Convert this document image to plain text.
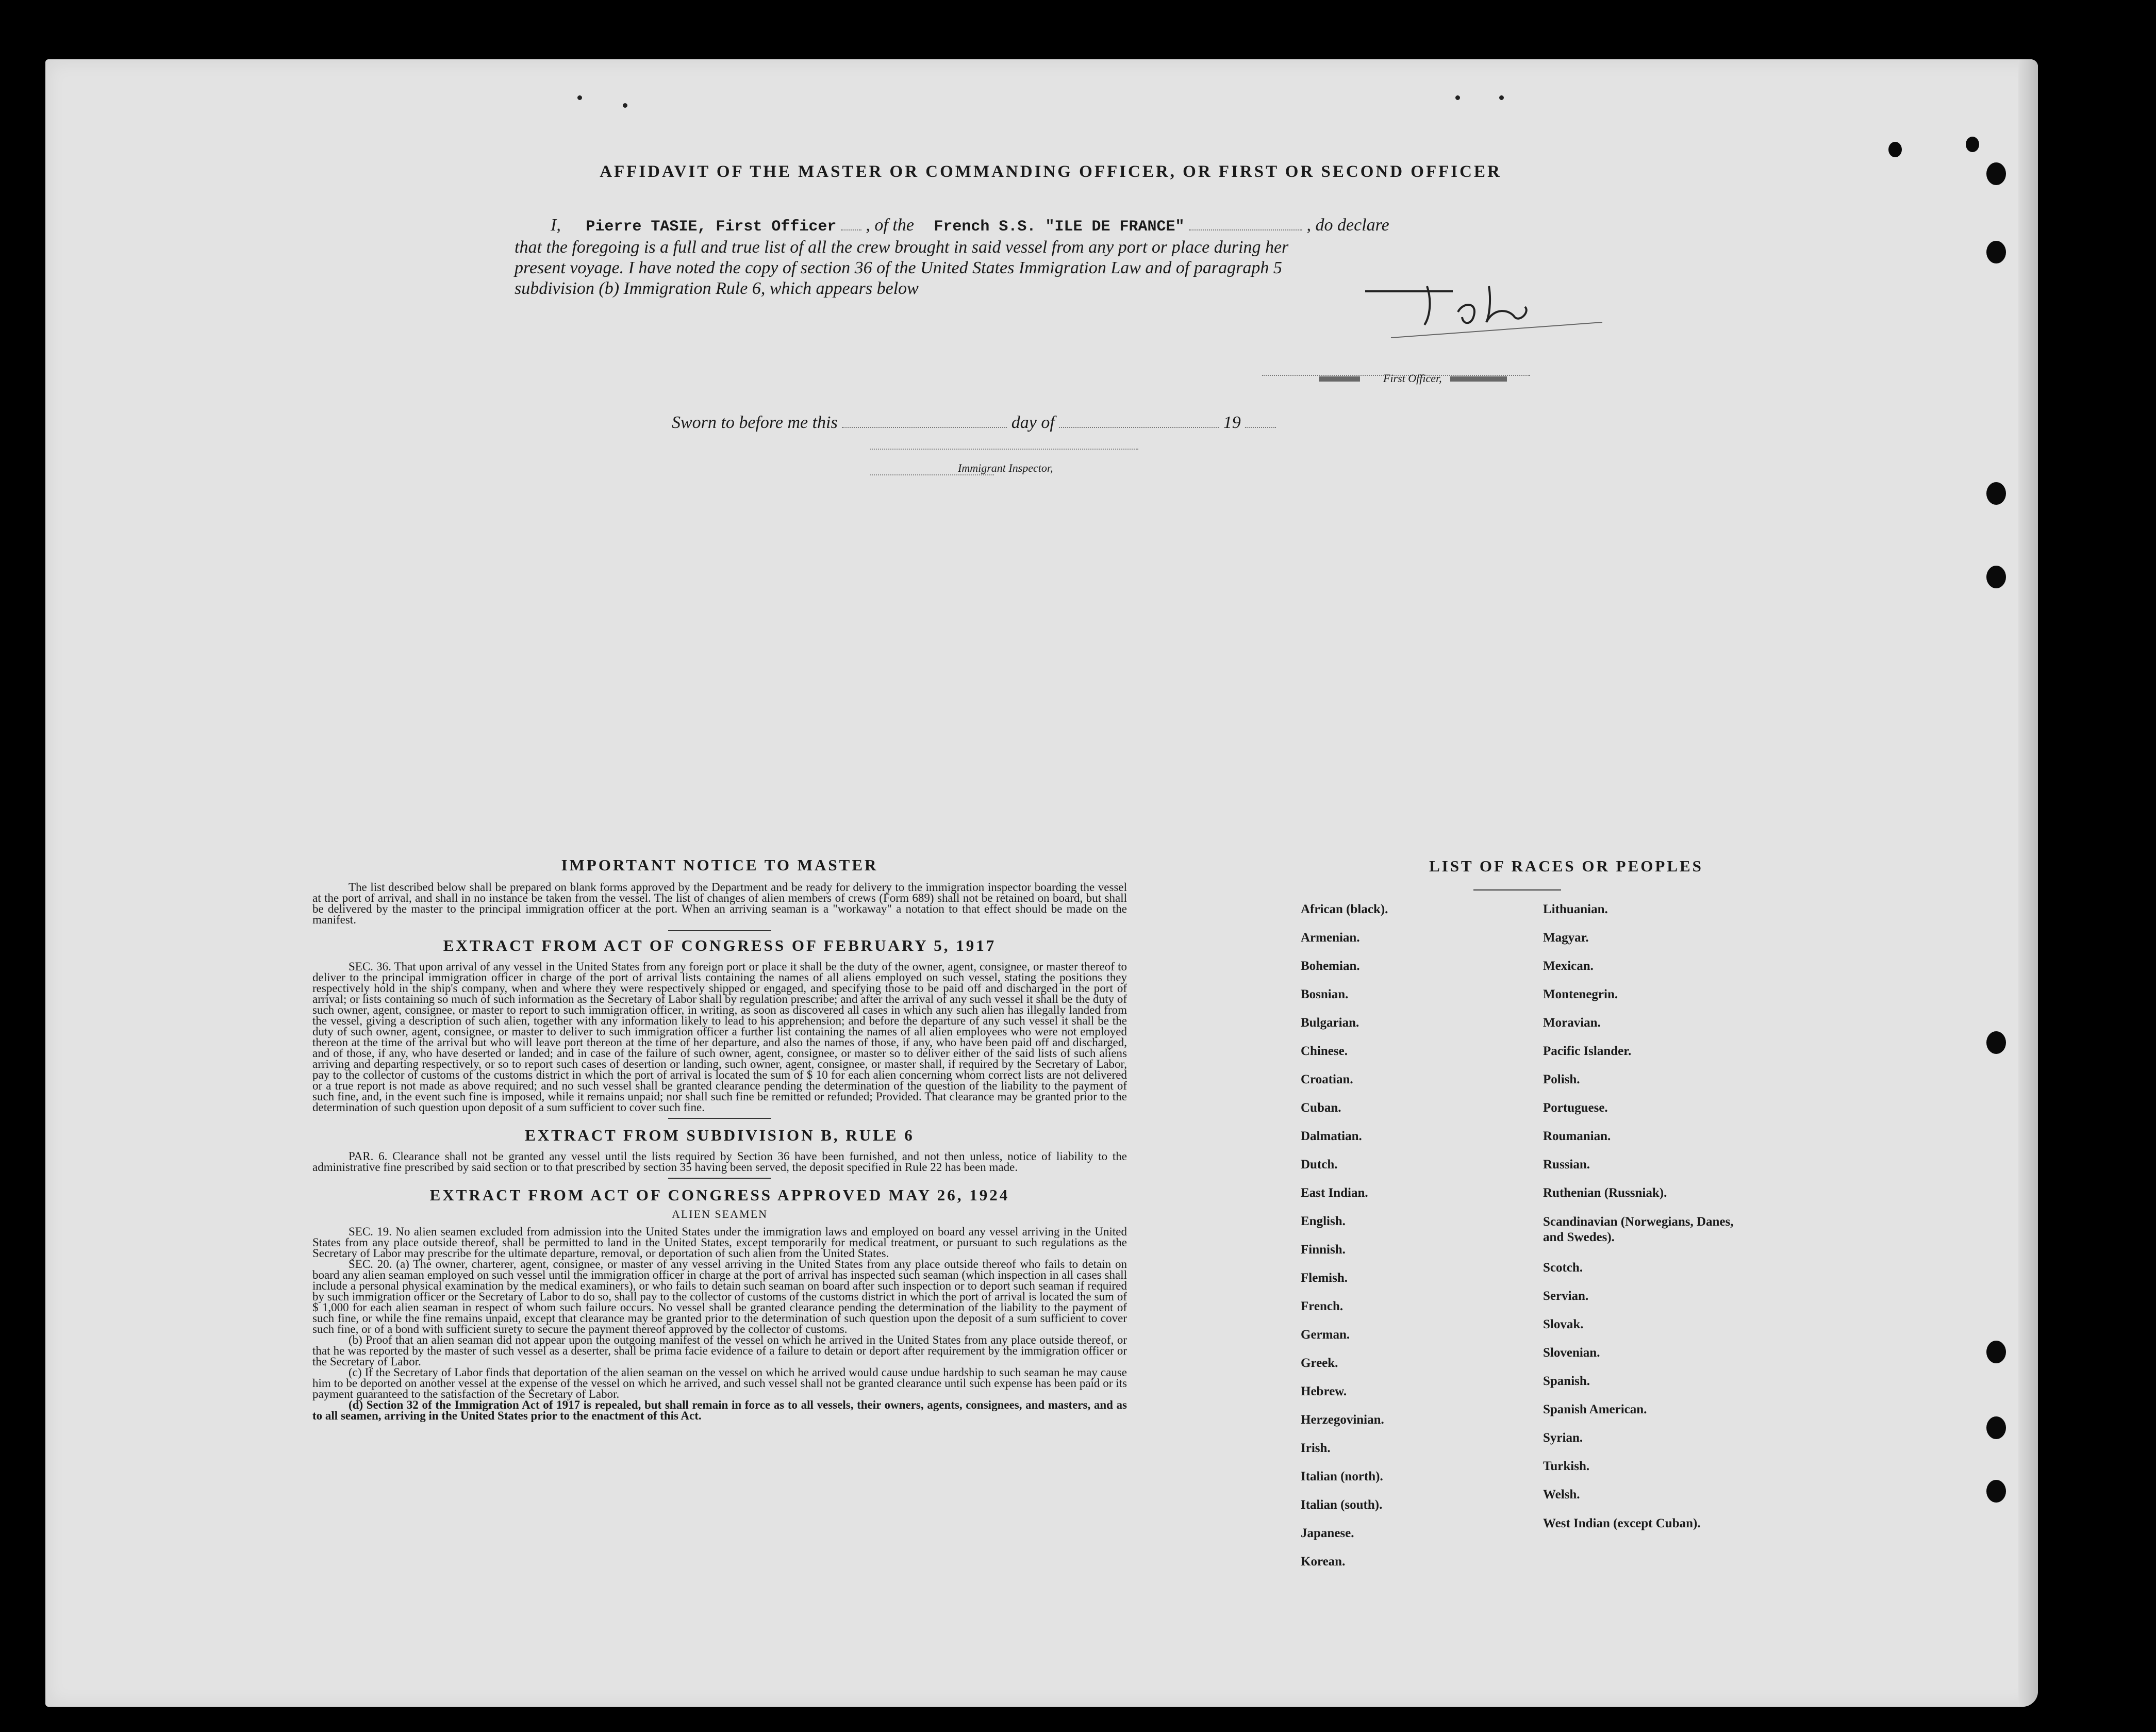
AFFIDAVIT OF THE MASTER OR COMMANDING OFFICER, OR FIRST OR SECOND OFFICER
I, Pierre TASIE, First Officer , of the French S.S. "ILE DE FRANCE"	, do declare
that the foregoing is a full and true list of all the crew brought in said vessel from any port or place during her
present voyage. I have noted the copy of section 36 of the United States Immigration Law and of paragraph 5
subdivision (b) Immigration Rule 6, which appears below
First Officer,
Sworn to before me this	day of	19
Immigrant Inspector,
IMPORTANT NOTICE TO MASTER

The list described below shall be prepared on blank forms approved by the Department and be ready for delivery to the immigration inspector boarding the vessel at the port of arrival, and shall in no instance be taken from the vessel. The list of changes of alien members of crews (Form 689) shall not be retained on board, but shall be delivered by the master to the principal immigration officer at the port. When an arriving seaman is a "workaway" a notation to that effect should be made on the manifest.

EXTRACT FROM ACT OF CONGRESS OF FEBRUARY 5, 1917

SEC. 36. That upon arrival of any vessel in the United States from any foreign port or place it shall be the duty of the owner, agent, consignee, or master thereof to deliver to the principal immigration officer in charge of the port of arrival lists containing the names of all aliens employed on such vessel, stating the positions they respectively hold in the ship's company, when and where they were respectively shipped or engaged, and specifying those to be paid off and discharged in the port of arrival; or lists containing so much of such information as the Secretary of Labor shall by regulation prescribe; and after the arrival of any such vessel it shall be the duty of such owner, agent, consignee, or master to report to such immigration officer, in writing, as soon as discovered all cases in which any such alien has illegally landed from the vessel, giving a description of such alien, together with any information likely to lead to his apprehension; and before the departure of any such vessel it shall be the duty of such owner, agent, consignee, or master to deliver to such immigration officer a further list containing the names of all alien employees who were not employed thereon at the time of the arrival but who will leave port thereon at the time of her departure, and also the names of those, if any, who have been paid off and discharged, and of those, if any, who have deserted or landed; and in case of the failure of such owner, agent, consignee, or master so to deliver either of the said lists of such aliens arriving and departing respectively, or so to report such cases of desertion or landing, such owner, agent, consignee, or master shall, if required by the Secretary of Labor, pay to the collector of customs of the customs district in which the port of arrival is located the sum of $ 10 for each alien concerning whom correct lists are not delivered or a true report is not made as above required; and no such vessel shall be granted clearance pending the determination of the question of the liability to the payment of such fine, and, in the event such fine is imposed, while it remains unpaid; nor shall such fine be remitted or refunded; Provided. That clearance may be granted prior to the determination of such question upon deposit of a sum sufficient to cover such fine.

EXTRACT FROM SUBDIVISION B, RULE 6

PAR. 6. Clearance shall not be granted any vessel until the lists required by Section 36 have been furnished, and not then unless, notice of liability to the administrative fine prescribed by said section or to that prescribed by section 35 having been served, the deposit specified in Rule 22 has been made.

EXTRACT FROM ACT OF CONGRESS APPROVED MAY 26, 1924
ALIEN SEAMEN

SEC. 19. No alien seamen excluded from admission into the United States under the immigration laws and employed on board any vessel arriving in the United States from any place outside thereof, shall be permitted to land in the United States, except temporarily for medical treatment, or pursuant to such regulations as the Secretary of Labor may prescribe for the ultimate departure, removal, or deportation of such alien from the United States.

SEC. 20. (a) The owner, charterer, agent, consignee, or master of any vessel arriving in the United States from any place outside thereof who fails to detain on board any alien seaman employed on such vessel until the immigration officer in charge at the port of arrival has inspected such seaman (which inspection in all cases shall include a personal physical examination by the medical examiners), or who fails to detain such seaman on board after such inspection or to deport such seaman if required by such immigration officer or the Secretary of Labor to do so, shall pay to the collector of customs of the customs district in which the port of arrival is located the sum of $ 1,000 for each alien seaman in respect of whom such failure occurs. No vessel shall be granted clearance pending the determination of the liability to the payment of such fine, or while the fine remains unpaid, except that clearance may be granted prior to the determination of such question upon the deposit of a sum sufficient to cover such fine, or of a bond with sufficient surety to secure the payment thereof approved by the collector of customs.

(b) Proof that an alien seaman did not appear upon the outgoing manifest of the vessel on which he arrived in the United States from any place outside thereof, or that he was reported by the master of such vessel as a deserter, shall be prima facie evidence of a failure to detain or deport after requirement by the immigration officer or the Secretary of Labor.

(c) If the Secretary of Labor finds that deportation of the alien seaman on the vessel on which he arrived would cause undue hardship to such seaman he may cause him to be deported on another vessel at the expense of the vessel on which he arrived, and such vessel shall not be granted clearance until such expense has been paid or its payment guaranteed to the satisfaction of the Secretary of Labor.

(d) Section 32 of the Immigration Act of 1917 is repealed, but shall remain in force as to all vessels, their owners, agents, consignees, and masters, and as to all seamen, arriving in the United States prior to the enactment of this Act.

LIST OF RACES OR PEOPLES
African (black).
Armenian.
Bohemian.
Bosnian.
Bulgarian.
Chinese.
Croatian.
Cuban.
Dalmatian.
Dutch.
East Indian.
English.
Finnish.
Flemish.
French.
German.
Greek.
Hebrew.
Herzegovinian.
Irish.
Italian (north).
Italian (south).
Japanese.
Korean.
Lithuanian.
Magyar.
Mexican.
Montenegrin.
Moravian.
Pacific Islander.
Polish.
Portuguese.
Roumanian.
Russian.
Ruthenian (Russniak).
Scandinavian (Norwegians, Danes, and Swedes).
Scotch.
Servian.
Slovak.
Slovenian.
Spanish.
Spanish American.
Syrian.
Turkish.
Welsh.
West Indian (except Cuban).
